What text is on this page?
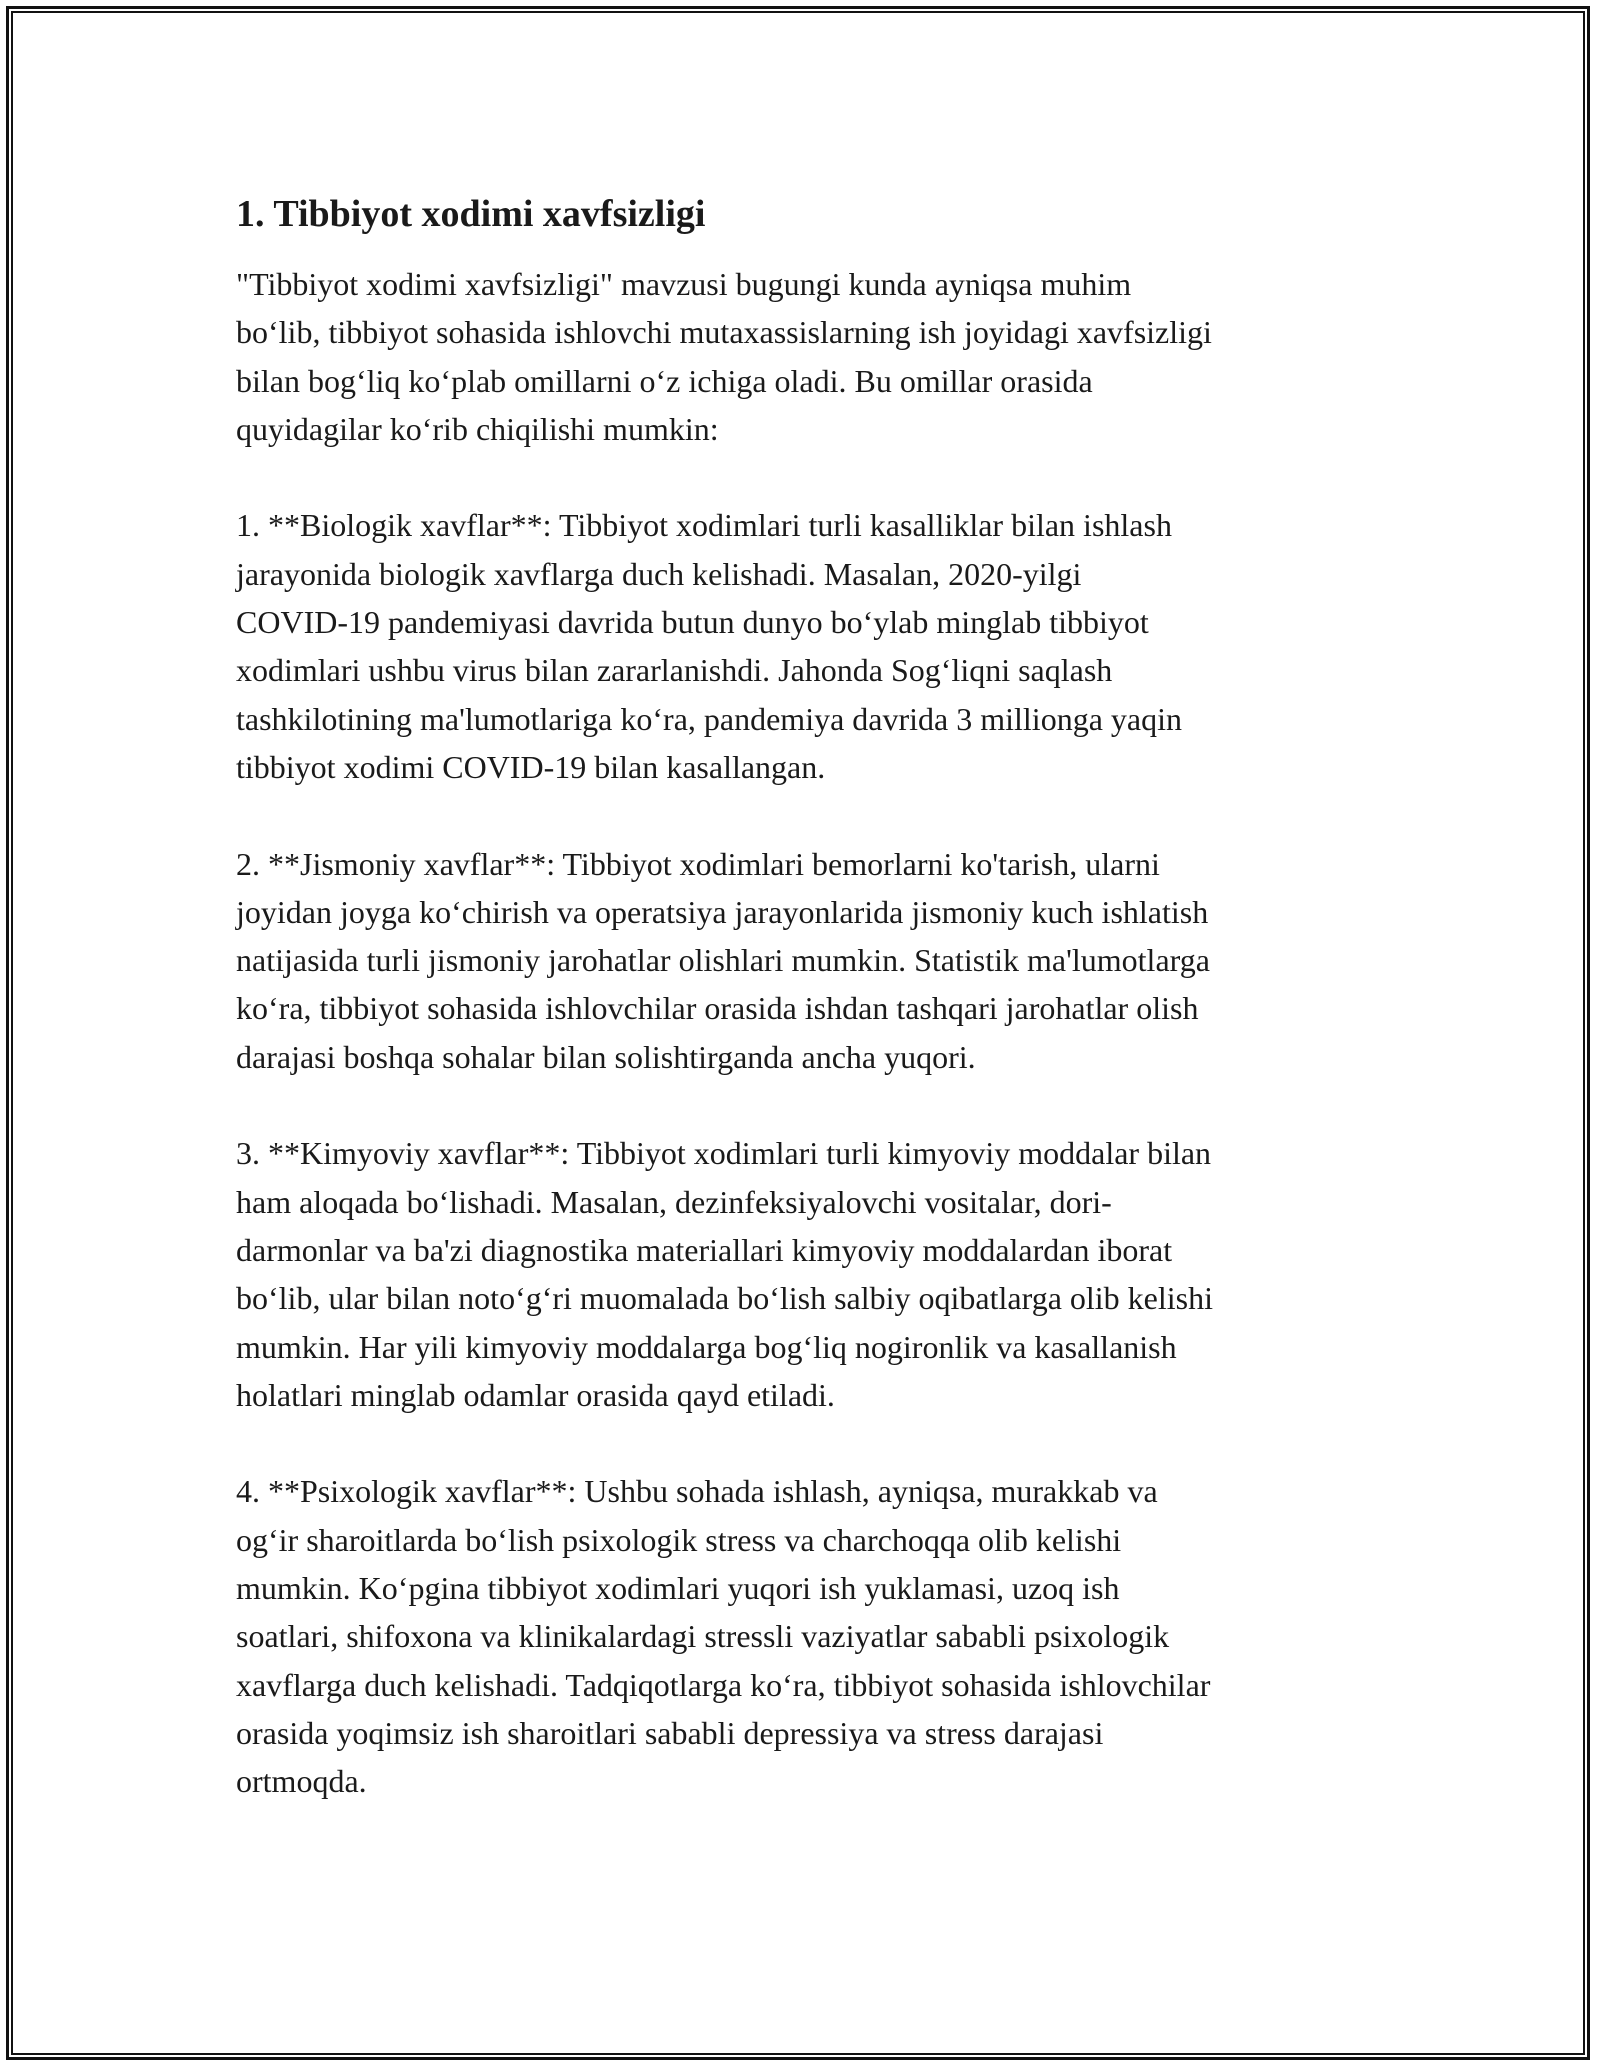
1. Tibbiyot xodimi xavfsizligi

"Tibbiyot xodimi xavfsizligi" mavzusi bugungi kunda ayniqsa muhim
bo‘lib, tibbiyot sohasida ishlovchi mutaxassislarning ish joyidagi xavfsizligi
bilan bog‘liq ko‘plab omillarni o‘z ichiga oladi. Bu omillar orasida
quyidagilar ko‘rib chiqilishi mumkin:

1. **Biologik xavflar**: Tibbiyot xodimlari turli kasalliklar bilan ishlash
jarayonida biologik xavflarga duch kelishadi. Masalan, 2020-yilgi
COVID-19 pandemiyasi davrida butun dunyo bo‘ylab minglab tibbiyot
xodimlari ushbu virus bilan zararlanishdi. Jahonda Sog‘liqni saqlash
tashkilotining ma'lumotlariga ko‘ra, pandemiya davrida 3 millionga yaqin
tibbiyot xodimi COVID-19 bilan kasallangan.

2. **Jismoniy xavflar**: Tibbiyot xodimlari bemorlarni ko'tarish, ularni
joyidan joyga ko‘chirish va operatsiya jarayonlarida jismoniy kuch ishlatish
natijasida turli jismoniy jarohatlar olishlari mumkin. Statistik ma'lumotlarga
ko‘ra, tibbiyot sohasida ishlovchilar orasida ishdan tashqari jarohatlar olish
darajasi boshqa sohalar bilan solishtirganda ancha yuqori.

3. **Kimyoviy xavflar**: Tibbiyot xodimlari turli kimyoviy moddalar bilan
ham aloqada bo‘lishadi. Masalan, dezinfeksiyalovchi vositalar, dori-
darmonlar va ba'zi diagnostika materiallari kimyoviy moddalardan iborat
bo‘lib, ular bilan noto‘g‘ri muomalada bo‘lish salbiy oqibatlarga olib kelishi
mumkin. Har yili kimyoviy moddalarga bog‘liq nogironlik va kasallanish
holatlari minglab odamlar orasida qayd etiladi.

4. **Psixologik xavflar**: Ushbu sohada ishlash, ayniqsa, murakkab va
og‘ir sharoitlarda bo‘lish psixologik stress va charchoqqa olib kelishi
mumkin. Ko‘pgina tibbiyot xodimlari yuqori ish yuklamasi, uzoq ish
soatlari, shifoxona va klinikalardagi stressli vaziyatlar sababli psixologik
xavflarga duch kelishadi. Tadqiqotlarga ko‘ra, tibbiyot sohasida ishlovchilar
orasida yoqimsiz ish sharoitlari sababli depressiya va stress darajasi
ortmoqda.
